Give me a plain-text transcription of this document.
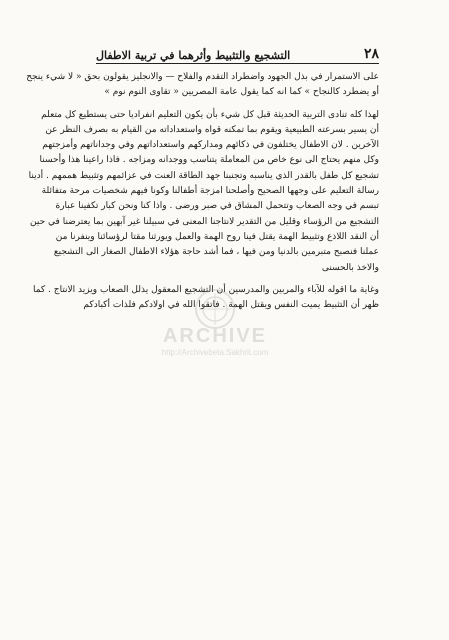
٢٨
التشجيع والتثبيط وأثرهما في تربية الاطفال

على الاستمرار في بذل الجهود واضطراد التقدم والفلاح — والانجليز يقولون بحق « لا شيء ينجح
أو يضطرد كالنجاح » كما انه كما يقول عامة المصريين « تقاوى النوم نوم »

لهذا كله تنادى التربية الحديثة قبل كل شيء بأن يكون التعليم انفراديا حتى يستطيع كل متعلم
أن يسير بسرعته الطبيعية ويقوم بما تمكنه قواه واستعداداته من القيام به بصرف النظر عن
الآخرين . لان الاطفال يختلفون في ذكائهم ومداركهم واستعداداتهم وفي وجداناتهم وأمزجتهم
وكل منهم يحتاج الى نوع خاص من المعاملة يتناسب ووجدانه ومزاجه . فاذا راعينا هذا وأحسنا
تشجيع كل طفل بالقدر الذي يناسبه وتجنبنا جهد الطاقة العنت في عزائمهم وتثبيط هممهم . أدينا
رسالة التعليم على وجهها الصحيح وأصلحنا امزجة أطفالنا وكونا فيهم شخصيات مرحة متفائلة
تبسم في وجه الصعاب وتتحمل المشاق في صبر ورضى . واذا كنا ونحن كبار تكفينا عبارة
التشجيع من الرؤساء وقليل من التقدير لانتاجنا المعنى في سبيلنا غير آبهين بما يعترضنا في حين
أن النقد اللاذع وتثبيط الهمة يقتل فينا روح الهمة والعمل ويورثنا مقتا لرؤسائنا وينفرنا من
عملنا فنصبح متبرمين بالدنيا ومن فيها ، فما أشد حاجة هؤلاء الاطفال الصغار الى التشجيع
والاخذ بالحسنى

وغاية ما اقوله للآباء والمربين والمدرسين أن التشجيع المعقول يذلل الصعاب ويزيد الانتاج . كما
ظهر أن التثبيط يميت النفس ويقتل الهمة . فاتقوا الله في اولادكم فلذات أكبادكم

ARCHIVE
http://Archivebeta.Sakhrit.com
